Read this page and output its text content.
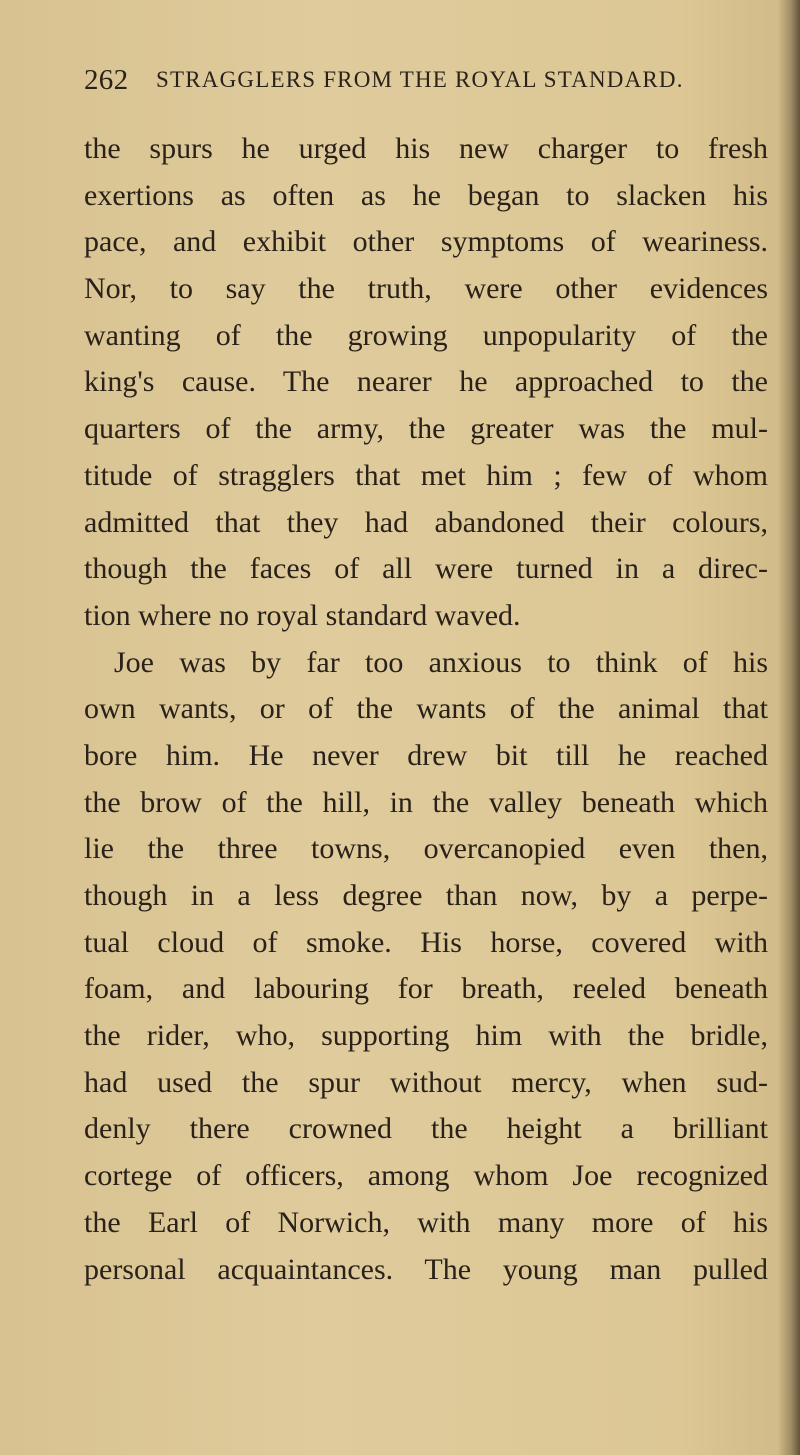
262 STRAGGLERS FROM THE ROYAL STANDARD.
the spurs he urged his new charger to fresh
exertions as often as he began to slacken his
pace, and exhibit other symptoms of weariness.
Nor, to say the truth, were other evidences
wanting of the growing unpopularity of the
king's cause. The nearer he approached to the
quarters of the army, the greater was the mul-
titude of stragglers that met him ; few of whom
admitted that they had abandoned their colours,
though the faces of all were turned in a direc-
tion where no royal standard waved.
Joe was by far too anxious to think of his
own wants, or of the wants of the animal that
bore him. He never drew bit till he reached
the brow of the hill, in the valley beneath which
lie the three towns, overcanopied even then,
though in a less degree than now, by a perpe-
tual cloud of smoke. His horse, covered with
foam, and labouring for breath, reeled beneath
the rider, who, supporting him with the bridle,
had used the spur without mercy, when sud-
denly there crowned the height a brilliant
cortege of officers, among whom Joe recognized
the Earl of Norwich, with many more of his
personal acquaintances. The young man pulled
